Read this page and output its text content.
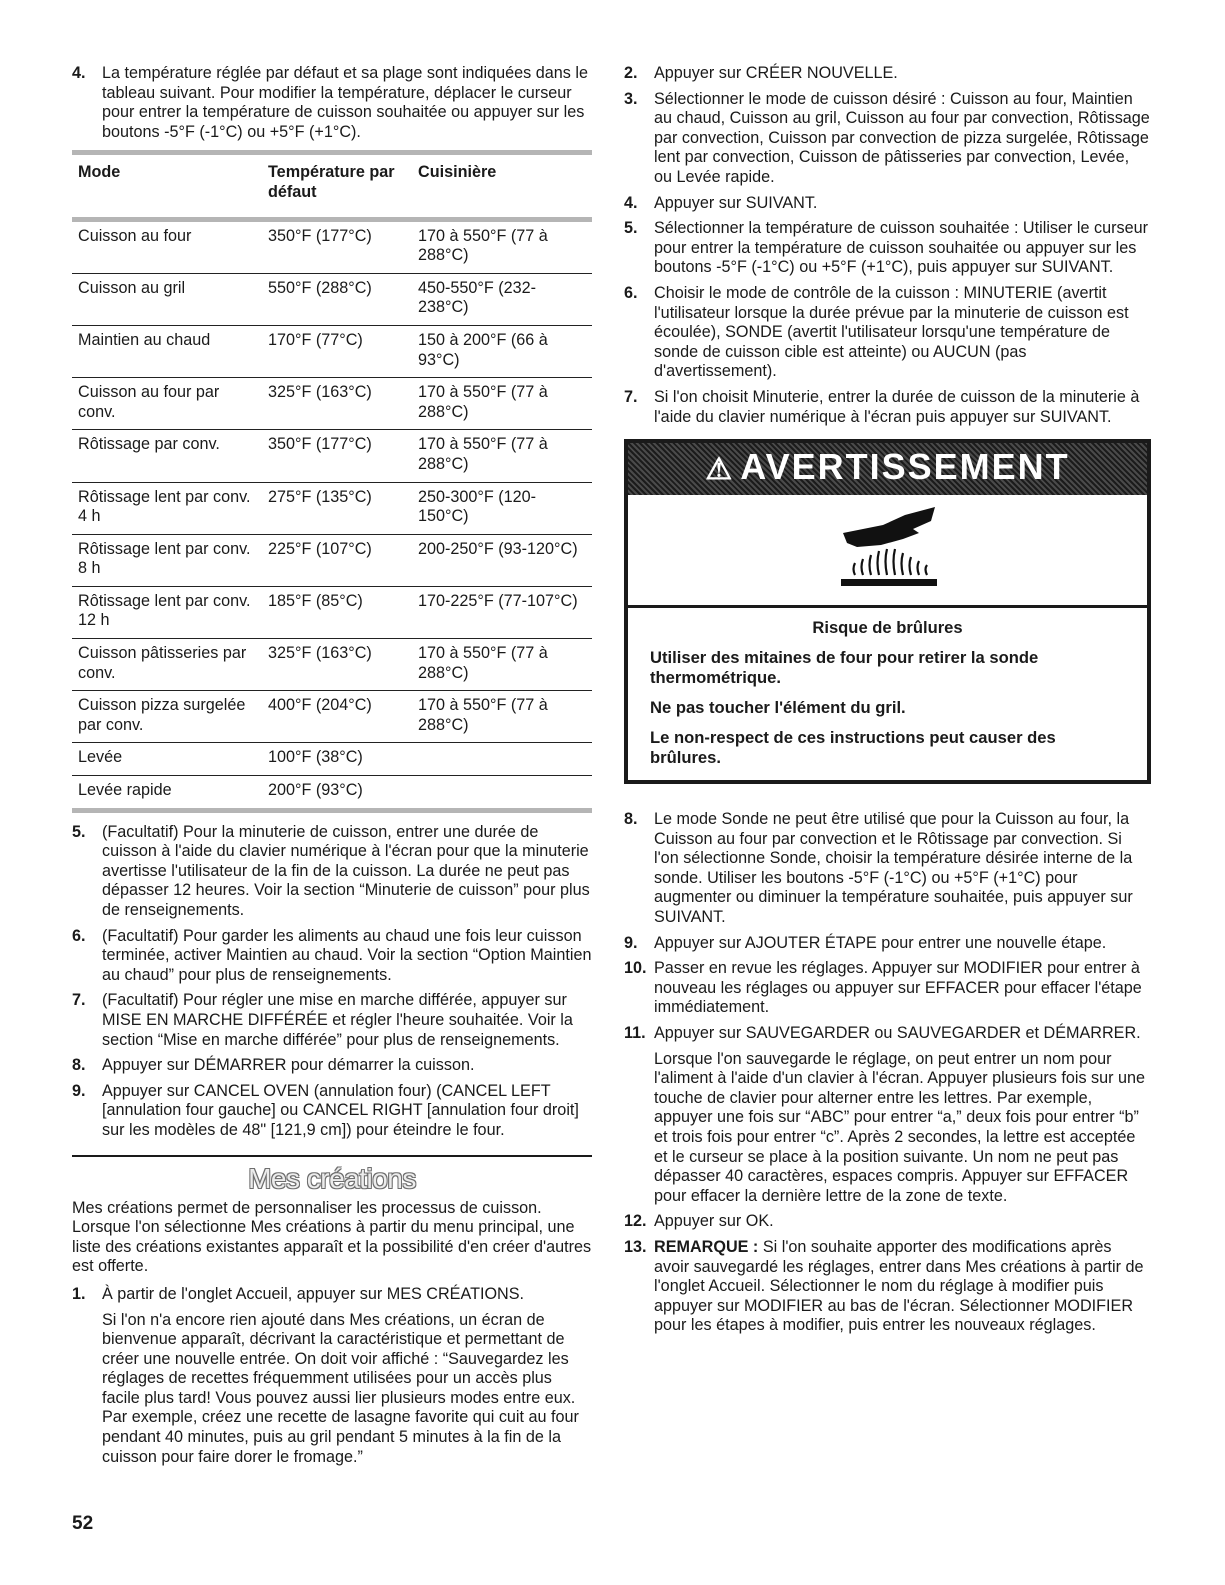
4.	La température réglée par défaut et sa plage sont indiquées dans le tableau suivant. Pour modifier la température, déplacer le curseur pour entrer la température de cuisson souhaitée ou appuyer sur les boutons -5°F (-1°C) ou +5°F (+1°C).
Mode	Température par défaut	Cuisinière
Cuisson au four	350°F (177°C)	170 à 550°F (77 à 288°C)
Cuisson au gril	550°F (288°C)	450-550°F (232-238°C)
Maintien au chaud	170°F (77°C)	150 à 200°F (66 à 93°C)
Cuisson au four par conv.	325°F (163°C)	170 à 550°F (77 à 288°C)
Rôtissage par conv.	350°F (177°C)	170 à 550°F (77 à 288°C)
Rôtissage lent par conv. 4 h	275°F (135°C)	250-300°F (120-150°C)
Rôtissage lent par conv. 8 h	225°F (107°C)	200-250°F (93-120°C)
Rôtissage lent par conv. 12 h	185°F (85°C)	170-225°F (77-107°C)
Cuisson pâtisseries par conv.	325°F (163°C)	170 à 550°F (77 à 288°C)
Cuisson pizza surgelée par conv.	400°F (204°C)	170 à 550°F (77 à 288°C)
Levée	100°F (38°C)	
Levée rapide	200°F (93°C)	
5.	(Facultatif) Pour la minuterie de cuisson, entrer une durée de cuisson à l'aide du clavier numérique à l'écran pour que la minuterie avertisse l'utilisateur de la fin de la cuisson. La durée ne peut pas dépasser 12 heures. Voir la section “Minuterie de cuisson” pour plus de renseignements.
6.	(Facultatif) Pour garder les aliments au chaud une fois leur cuisson terminée, activer Maintien au chaud. Voir la section “Option Maintien au chaud” pour plus de renseignements.
7.	(Facultatif) Pour régler une mise en marche différée, appuyer sur MISE EN MARCHE DIFFÉRÉE et régler l'heure souhaitée. Voir la section “Mise en marche différée” pour plus de renseignements.
8.	Appuyer sur DÉMARRER pour démarrer la cuisson.
9.	Appuyer sur CANCEL OVEN (annulation four) (CANCEL LEFT [annulation four gauche] ou CANCEL RIGHT [annulation four droit] sur les modèles de 48" [121,9 cm]) pour éteindre le four.
Mes créations

Mes créations permet de personnaliser les processus de cuisson. Lorsque l'on sélectionne Mes créations à partir du menu principal, une liste des créations existantes apparaît et la possibilité d'en créer d'autres est offerte.

1.	À partir de l'onglet Accueil, appuyer sur MES CRÉATIONS.

Si l'on n'a encore rien ajouté dans Mes créations, un écran de bienvenue apparaît, décrivant la caractéristique et permettant de créer une nouvelle entrée. On doit voir affiché : “Sauvegardez les réglages de recettes fréquemment utilisées pour un accès plus facile plus tard! Vous pouvez aussi lier plusieurs modes entre eux. Par exemple, créez une recette de lasagne favorite qui cuit au four pendant 40 minutes, puis au gril pendant 5 minutes à la fin de la cuisson pour faire dorer le fromage.”

2.	Appuyer sur CRÉER NOUVELLE.
3.	Sélectionner le mode de cuisson désiré : Cuisson au four, Maintien au chaud, Cuisson au gril, Cuisson au four par convection, Rôtissage par convection, Cuisson par convection de pizza surgelée, Rôtissage lent par convection, Cuisson de pâtisseries par convection, Levée, ou Levée rapide.
4.	Appuyer sur SUIVANT.
5.	Sélectionner la température de cuisson souhaitée : Utiliser le curseur pour entrer la température de cuisson souhaitée ou appuyer sur les boutons -5°F (-1°C) ou +5°F (+1°C), puis appuyer sur SUIVANT.
6.	Choisir le mode de contrôle de la cuisson : MINUTERIE (avertit l'utilisateur lorsque la durée prévue par la minuterie de cuisson est écoulée), SONDE (avertit l'utilisateur lorsqu'une température de sonde de cuisson cible est atteinte) ou AUCUN (pas d'avertissement).
7.	Si l'on choisit Minuterie, entrer la durée de cuisson de la minuterie à l'aide du clavier numérique à l'écran puis appuyer sur SUIVANT.
⚠ AVERTISSEMENT

Risque de brûlures

Utiliser des mitaines de four pour retirer la sonde thermométrique.

Ne pas toucher l'élément du gril.

Le non-respect de ces instructions peut causer des brûlures.

8.	Le mode Sonde ne peut être utilisé que pour la Cuisson au four, la Cuisson au four par convection et le Rôtissage par convection. Si l'on sélectionne Sonde, choisir la température désirée interne de la sonde. Utiliser les boutons -5°F (-1°C) ou +5°F (+1°C) pour augmenter ou diminuer la température souhaitée, puis appuyer sur SUIVANT.
9.	Appuyer sur AJOUTER ÉTAPE pour entrer une nouvelle étape.
10. Passer en revue les réglages. Appuyer sur MODIFIER pour entrer à nouveau les réglages ou appuyer sur EFFACER pour effacer l'étape immédiatement.
11. Appuyer sur SAUVEGARDER ou SAUVEGARDER et DÉMARRER.

Lorsque l'on sauvegarde le réglage, on peut entrer un nom pour l'aliment à l'aide d'un clavier à l'écran. Appuyer plusieurs fois sur une touche de clavier pour alterner entre les lettres. Par exemple, appuyer une fois sur “ABC” pour entrer “a,” deux fois pour entrer “b” et trois fois pour entrer “c”. Après 2 secondes, la lettre est acceptée et le curseur se place à la position suivante. Un nom ne peut pas dépasser 40 caractères, espaces compris. Appuyer sur EFFACER pour effacer la dernière lettre de la zone de texte.

12. Appuyer sur OK.
13. REMARQUE : Si l'on souhaite apporter des modifications après avoir sauvegardé les réglages, entrer dans Mes créations à partir de l'onglet Accueil. Sélectionner le nom du réglage à modifier puis appuyer sur MODIFIER au bas de l'écran. Sélectionner MODIFIER pour les étapes à modifier, puis entrer les nouveaux réglages.
52
